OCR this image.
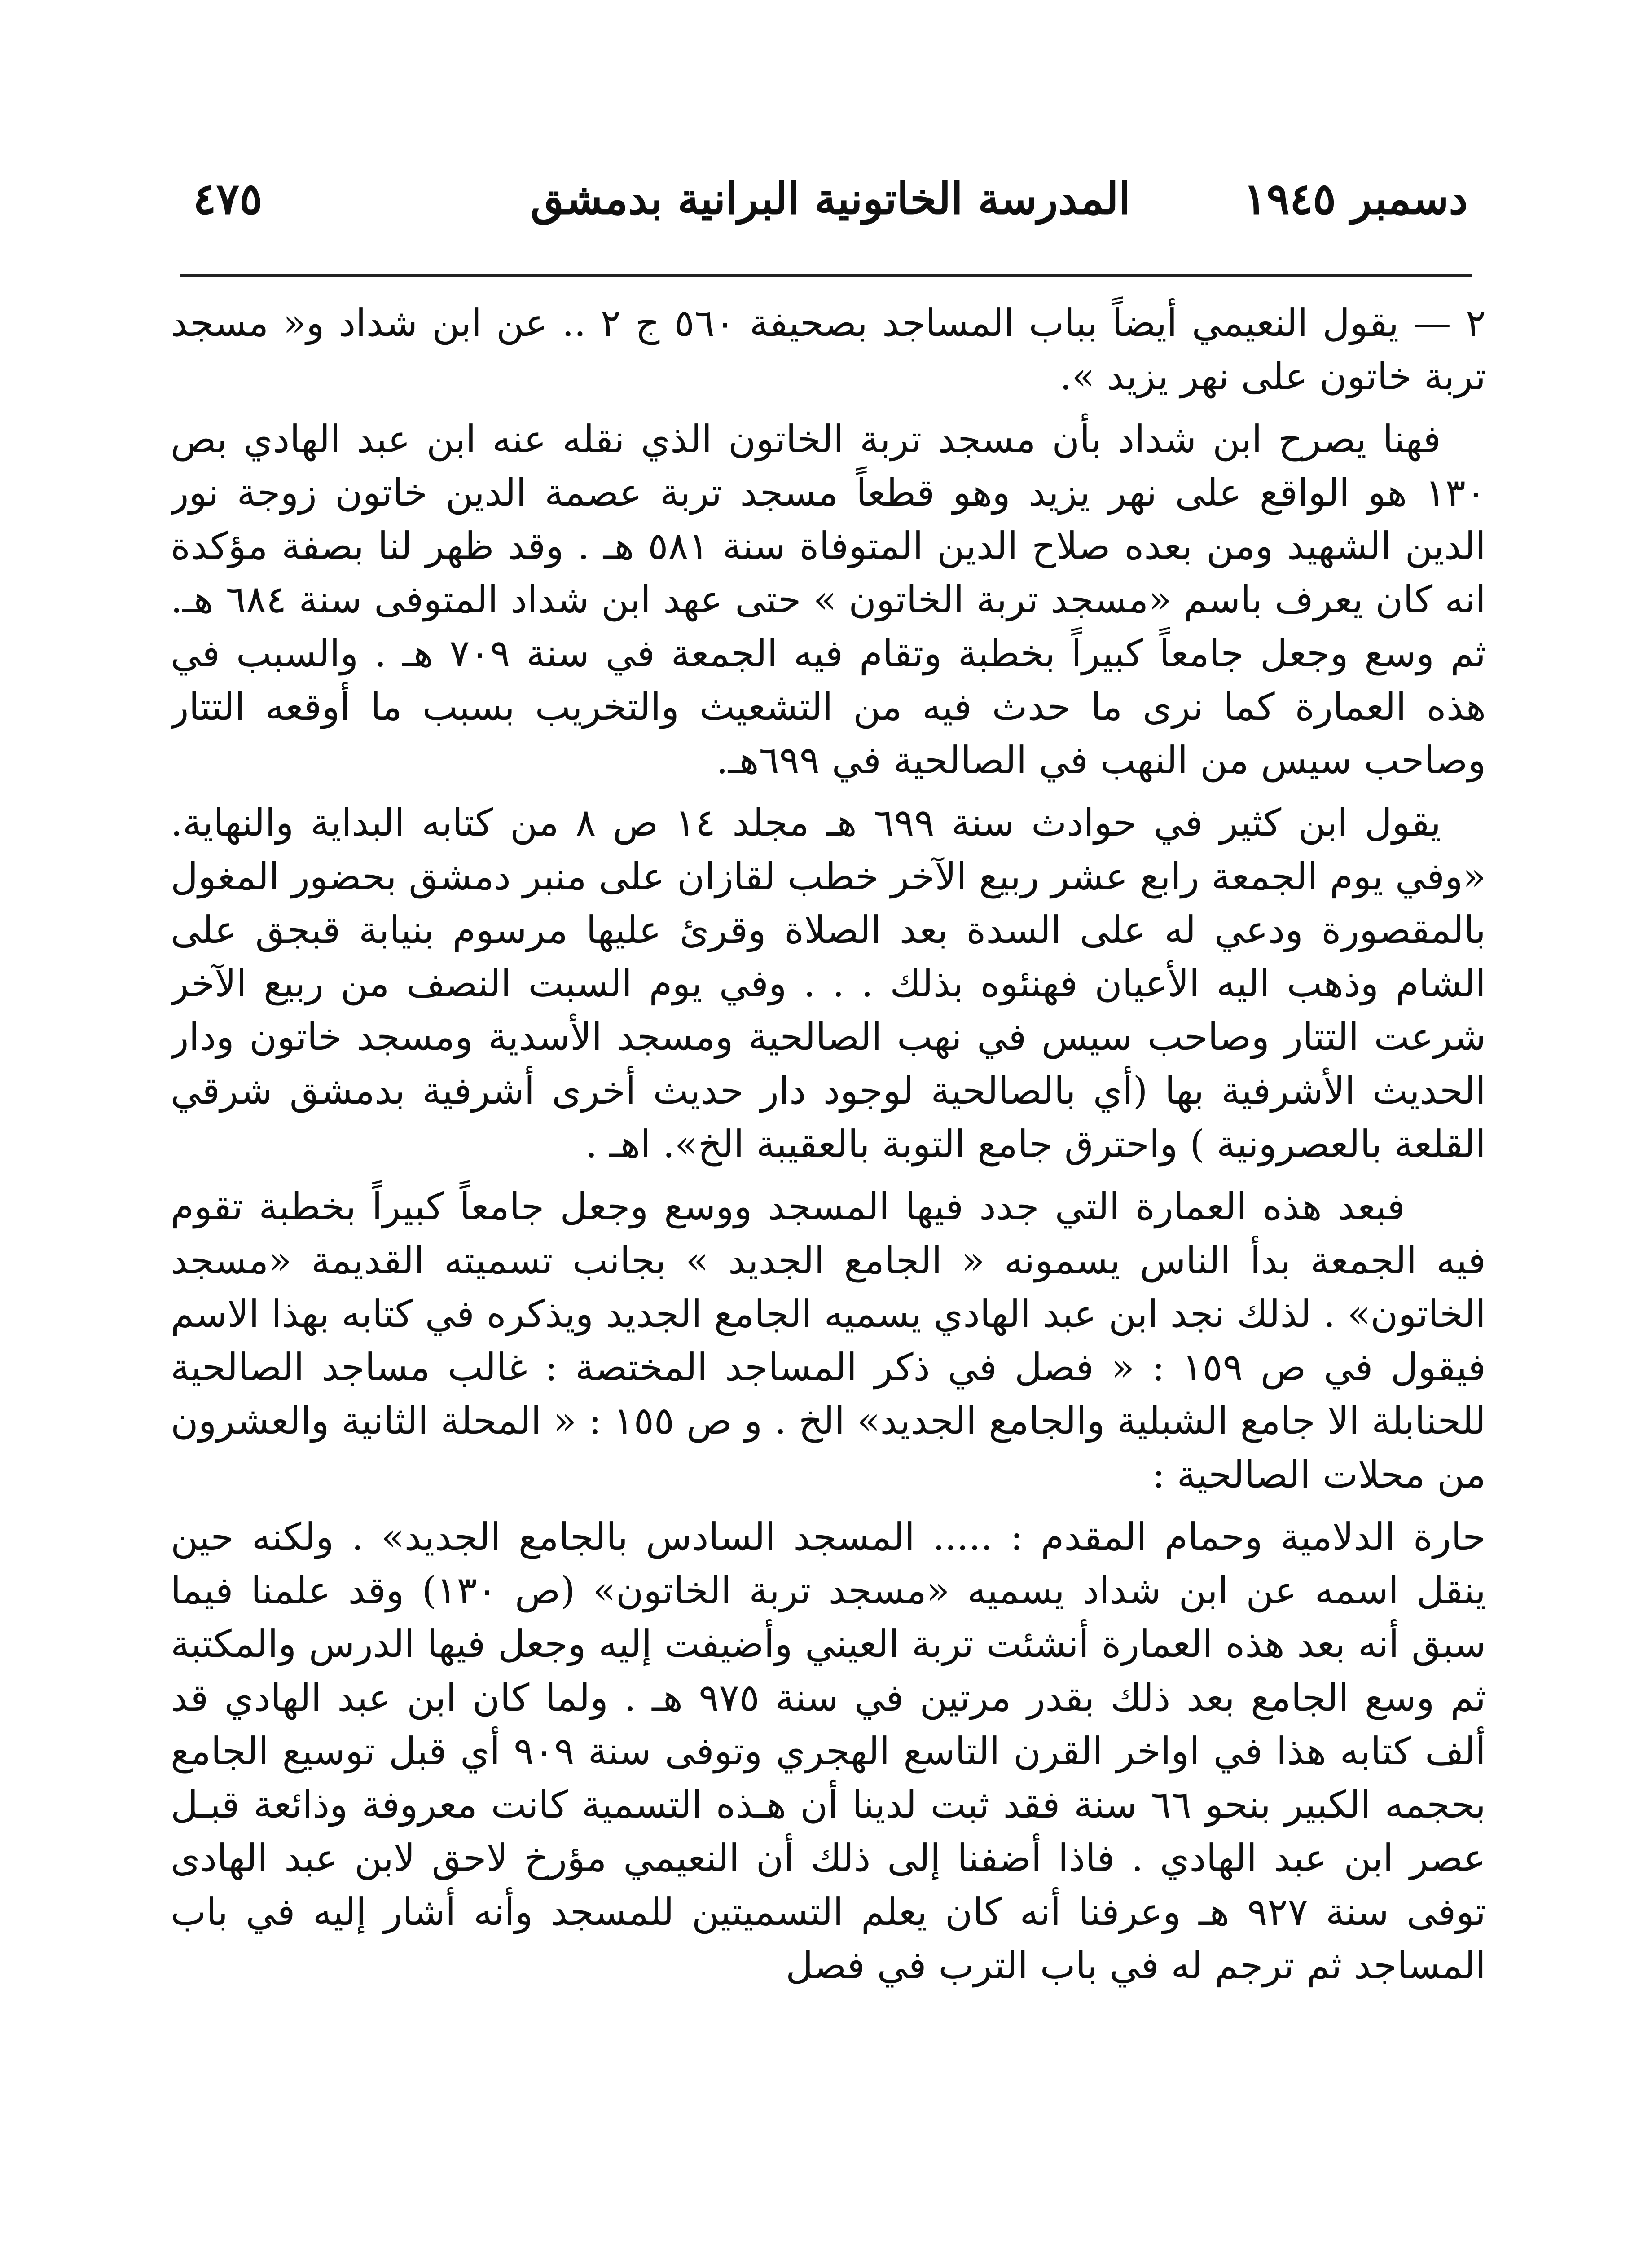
دسمبر ١٩٤٥
المدرسة الخاتونية البرانية بدمشق
٤٧٥

٢ — يقول النعيمي أيضاً بباب المساجد بصحيفة ٥٦٠ ج ٢ .. عن ابن شداد و« مسجد تربة خاتون على نهر يزيد ».

فهنا يصرح ابن شداد بأن مسجد تربة الخاتون الذي نقله عنه ابن عبد الهادي بص ١٣٠ هو الواقع على نهر يزيد وهو قطعاً مسجد تربة عصمة الدين خاتون زوجة نور الدين الشهيد ومن بعده صلاح الدين المتوفاة سنة ٥٨١ هـ . وقد ظهر لنا بصفة مؤكدة انه كان يعرف باسم «مسجد تربة الخاتون » حتى عهد ابن شداد المتوفى سنة ٦٨٤ هـ. ثم وسع وجعل جامعاً كبيراً بخطبة وتقام فيه الجمعة في سنة ٧٠٩ هـ . والسبب في هذه العمارة كما نرى ما حدث فيه من التشعيث والتخريب بسبب ما أوقعه التتار وصاحب سيس من النهب في الصالحية في ٦٩٩هـ.

يقول ابن كثير في حوادث سنة ٦٩٩ هـ مجلد ١٤ ص ٨ من كتابه البداية والنهاية. «وفي يوم الجمعة رابع عشر ربيع الآخر خطب لقازان على منبر دمشق بحضور المغول بالمقصورة ودعي له على السدة بعد الصلاة وقرئ عليها مرسوم بنيابة قبجق على الشام وذهب اليه الأعيان فهنئوه بذلك . . . وفي يوم السبت النصف من ربيع الآخر شرعت التتار وصاحب سيس في نهب الصالحية ومسجد الأسدية ومسجد خاتون ودار الحديث الأشرفية بها (أي بالصالحية لوجود دار حديث أخرى أشرفية بدمشق شرقي القلعة بالعصرونية ) واحترق جامع التوبة بالعقيبة الخ». اهـ .

فبعد هذه العمارة التي جدد فيها المسجد ووسع وجعل جامعاً كبيراً بخطبة تقوم فيه الجمعة بدأ الناس يسمونه « الجامع الجديد » بجانب تسميته القديمة «مسجد الخاتون» . لذلك نجد ابن عبد الهادي يسميه الجامع الجديد ويذكره في كتابه بهذا الاسم فيقول في ص ١٥٩ : « فصل في ذكر المساجد المختصة : غالب مساجد الصالحية للحنابلة الا جامع الشبلية والجامع الجديد» الخ . و ص ١٥٥ : « المحلة الثانية والعشرون من محلات الصالحية :

حارة الدلامية وحمام المقدم : ..... المسجد السادس بالجامع الجديد» . ولكنه حين ينقل اسمه عن ابن شداد يسميه «مسجد تربة الخاتون» (ص ١٣٠) وقد علمنا فيما سبق أنه بعد هذه العمارة أنشئت تربة العيني وأضيفت إليه وجعل فيها الدرس والمكتبة ثم وسع الجامع بعد ذلك بقدر مرتين في سنة ٩٧٥ هـ . ولما كان ابن عبد الهادي قد ألف كتابه هذا في اواخر القرن التاسع الهجري وتوفى سنة ٩٠٩ أي قبل توسيع الجامع بحجمه الكبير بنحو ٦٦ سنة فقد ثبت لدينا أن هـذه التسمية كانت معروفة وذائعة قبـل عصر ابن عبد الهادي . فاذا أضفنا إلى ذلك أن النعيمي مؤرخ لاحق لابن عبد الهادى توفى سنة ٩٢٧ هـ وعرفنا أنه كان يعلم التسميتين للمسجد وأنه أشار إليه في باب المساجد ثم ترجم له في باب الترب في فصل
